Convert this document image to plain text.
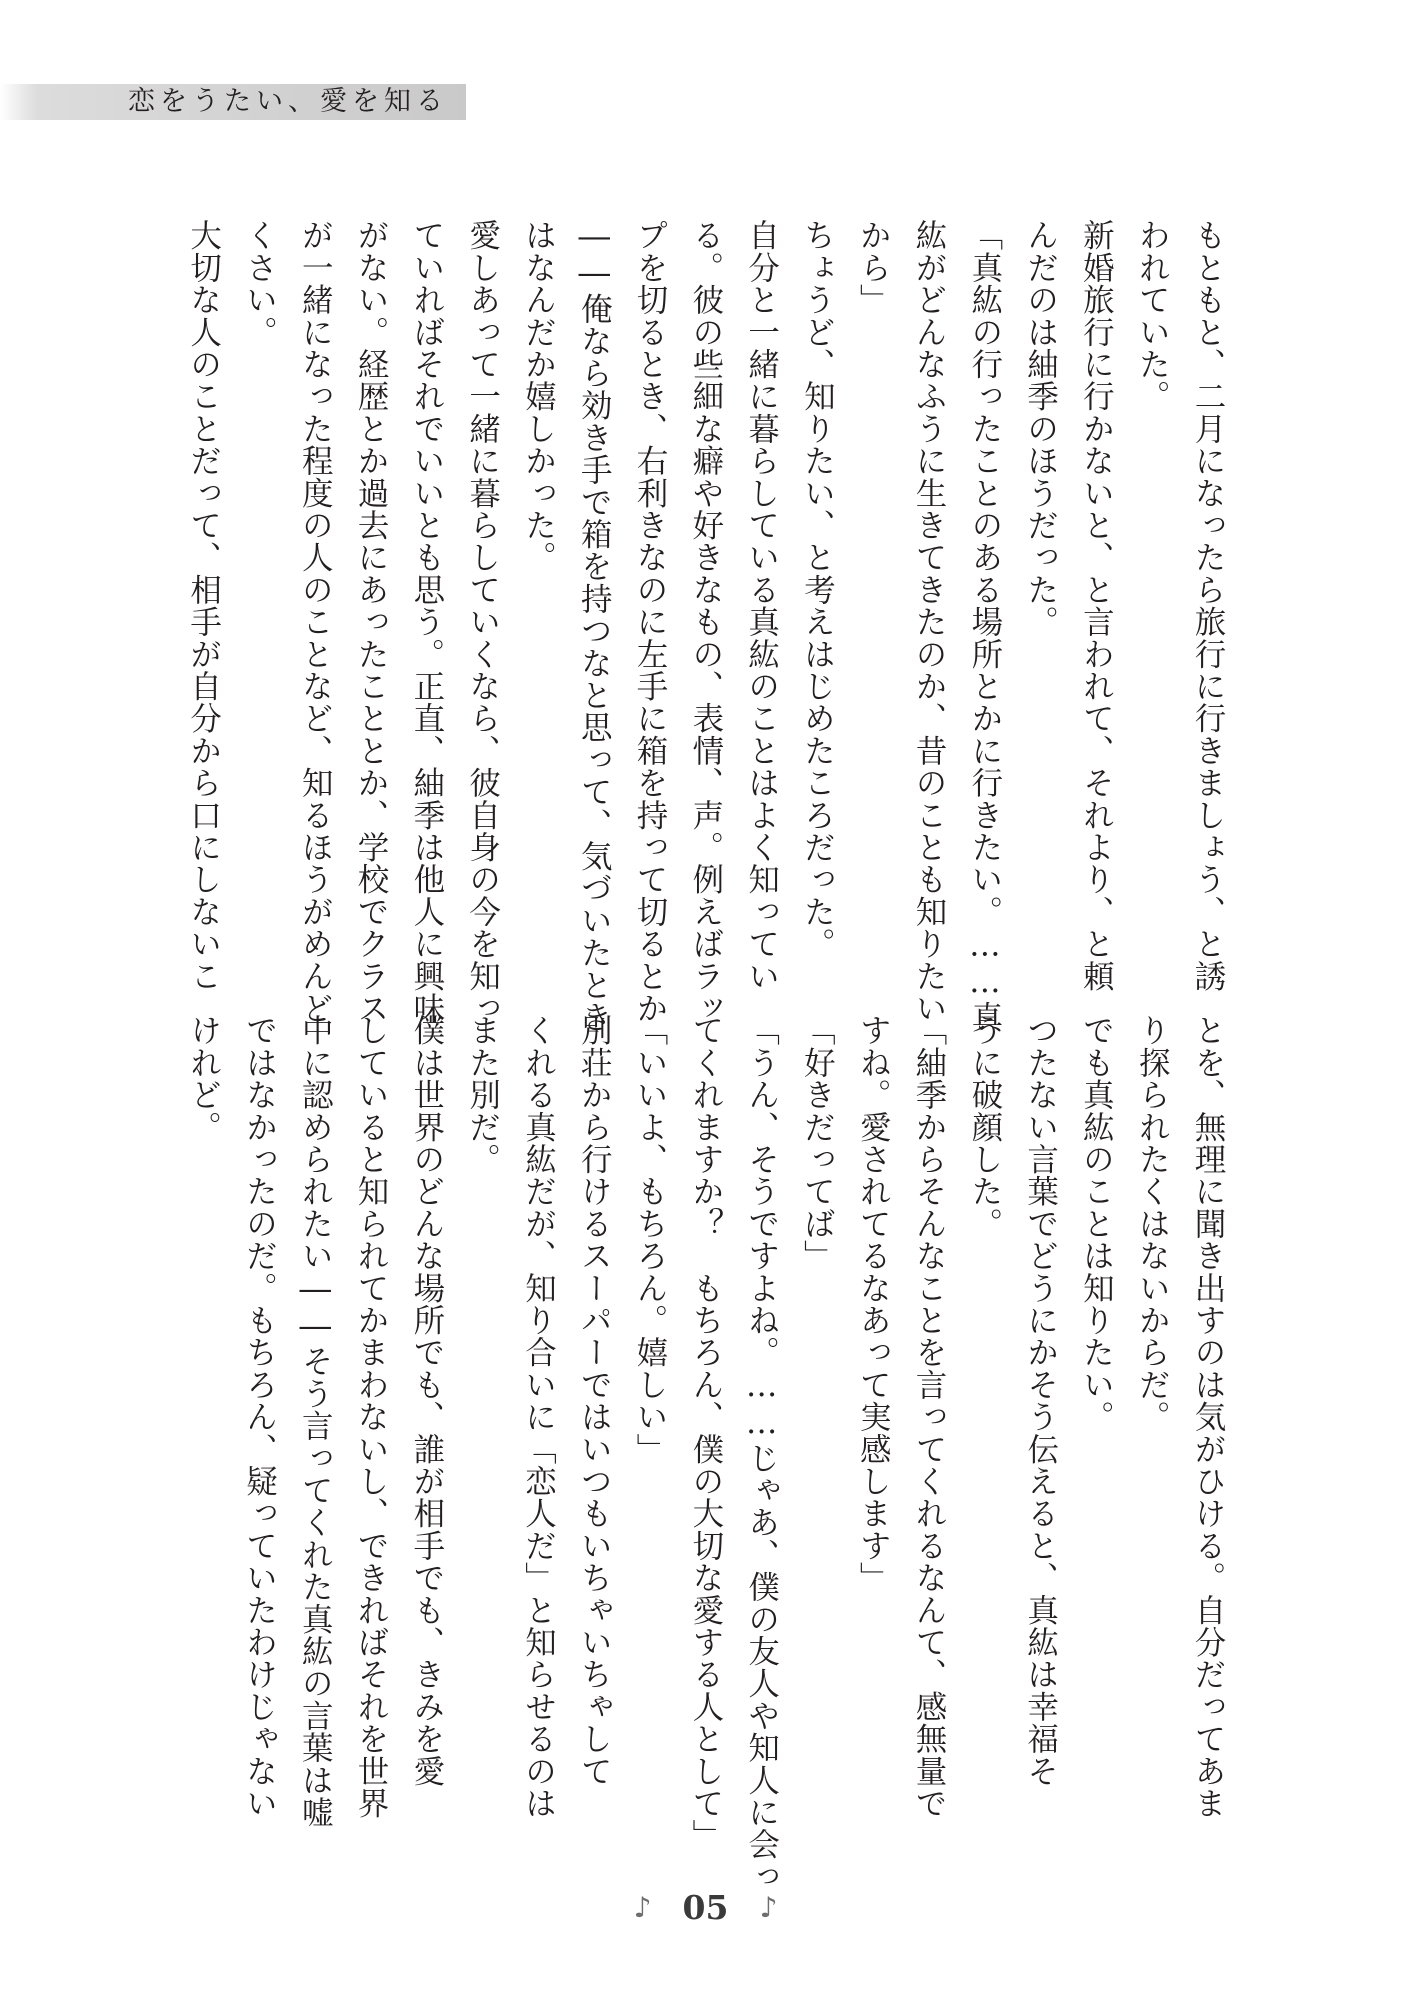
恋をうたい、愛を知る
もともと、二月になったら旅行に行きましょう、と誘
われていた。
新婚旅行に行かないと、と言われて、それより、と頼
んだのは紬季のほうだった。
「真紘の行ったことのある場所とかに行きたい。……真
紘がどんなふうに生きてきたのか、昔のことも知りたい
から」
ちょうど、知りたい、と考えはじめたころだった。
自分と一緒に暮らしている真紘のことはよく知ってい
る。彼の些細な癖や好きなもの、表情、声。例えばラッ
プを切るとき、右利きなのに左手に箱を持って切るとか
――俺なら効き手で箱を持つなと思って、気づいたとき
はなんだか嬉しかった。
愛しあって一緒に暮らしていくなら、彼自身の今を知っ
ていればそれでいいとも思う。正直、紬季は他人に興味
がない。経歴とか過去にあったこととか、学校でクラス
が一緒になった程度の人のことなど、知るほうがめんど
くさい。
大切な人のことだって、相手が自分から口にしないこ
とを、無理に聞き出すのは気がひける。自分だってあま
り探られたくはないからだ。
でも真紘のことは知りたい。
つたない言葉でどうにかそう伝えると、真紘は幸福そ
うに破顔した。
「紬季からそんなことを言ってくれるなんて、感無量で
すね。愛されてるなあって実感します」
「好きだってば」
「うん、そうですよね。……じゃあ、僕の友人や知人に会っ
てくれますか？　もちろん、僕の大切な愛する人として」
「いいよ、もちろん。嬉しい」
別荘から行けるスーパーではいつもいちゃいちゃして
くれる真紘だが、知り合いに「恋人だ」と知らせるのは
また別だ。
僕は世界のどんな場所でも、誰が相手でも、きみを愛
していると知られてかまわないし、できればそれを世界
中に認められたい――そう言ってくれた真紘の言葉は嘘
ではなかったのだ。もちろん、疑っていたわけじゃない
けれど。
♪ 05 ♪
